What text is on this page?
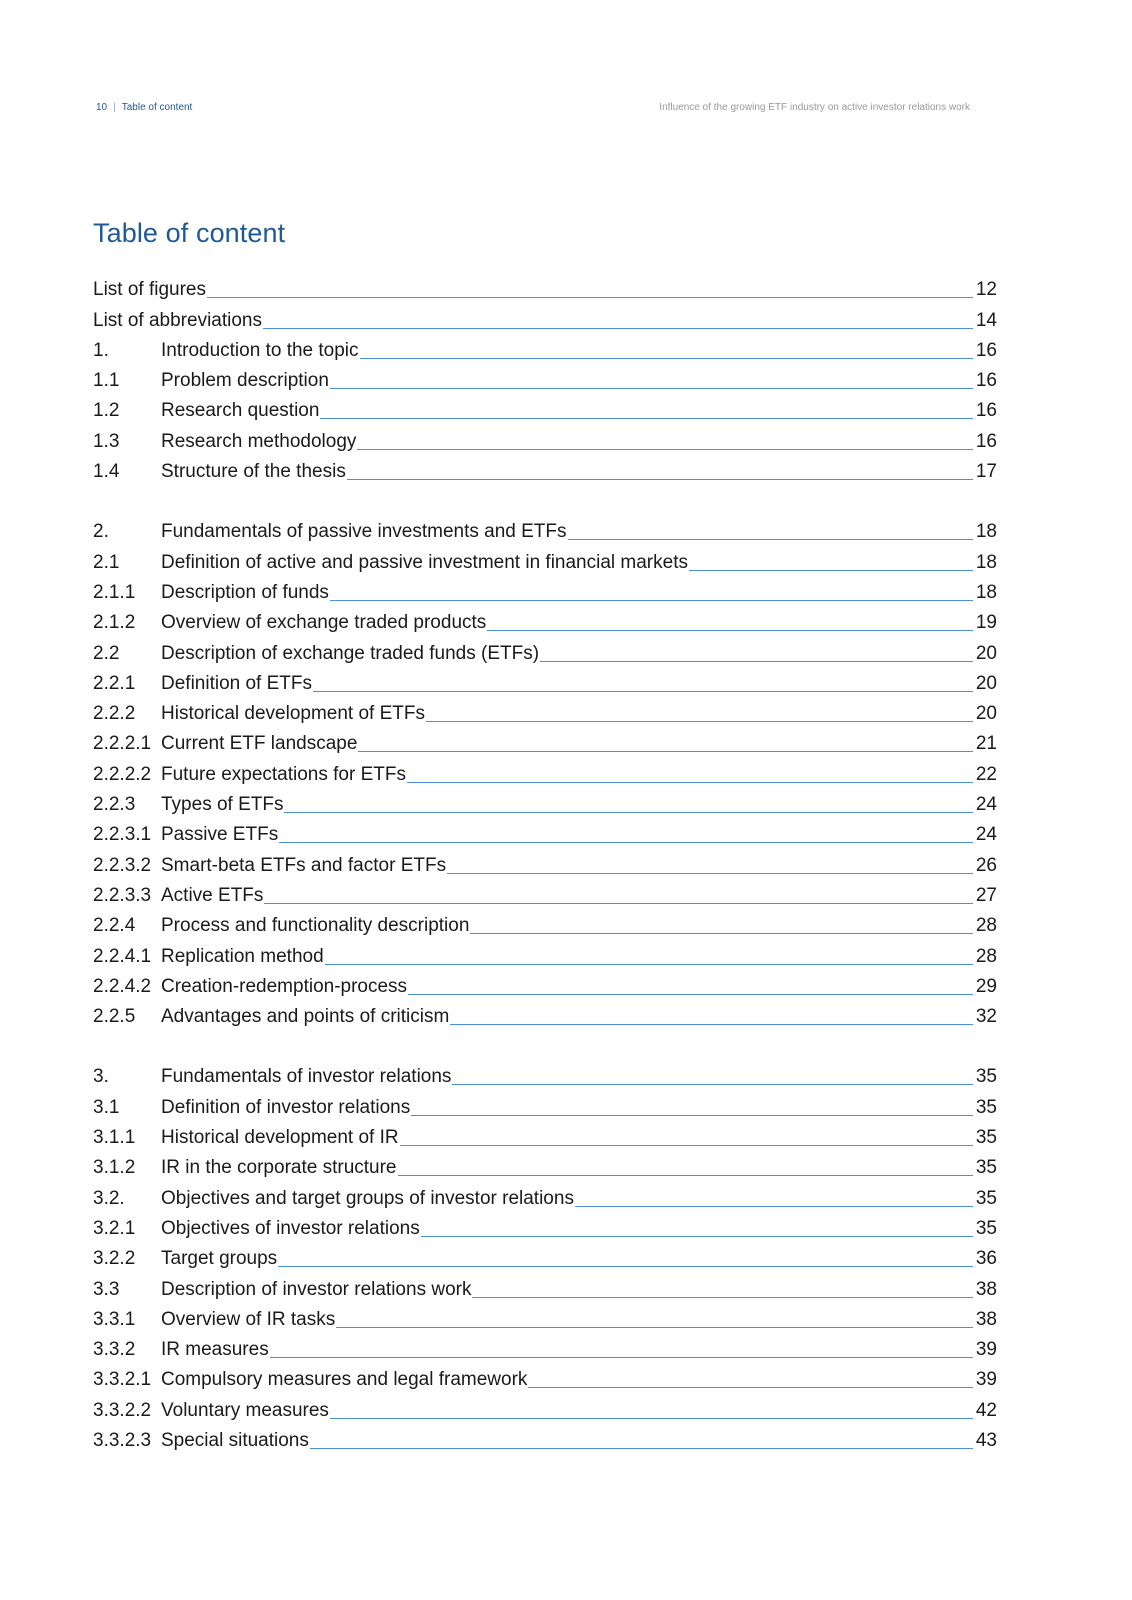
10 | Table of content	Influence of the growing ETF industry on active investor relations work
Table of content
List of figures	12
List of abbreviations	14
1.	Introduction to the topic	16
1.1	Problem description	16
1.2	Research question	16
1.3	Research methodology	16
1.4	Structure of the thesis	17
2.	Fundamentals of passive investments and ETFs	18
2.1	Definition of active and passive investment in financial markets	18
2.1.1	Description of funds	18
2.1.2	Overview of exchange traded products	19
2.2	Description of exchange traded funds (ETFs)	20
2.2.1	Definition of ETFs	20
2.2.2	Historical development of ETFs	20
2.2.2.1 Current ETF landscape	21
2.2.2.2 Future expectations for ETFs	22
2.2.3	Types of ETFs	24
2.2.3.1 Passive ETFs	24
2.2.3.2 Smart-beta ETFs and factor ETFs	26
2.2.3.3 Active ETFs	27
2.2.4	Process and functionality description	28
2.2.4.1 Replication method	28
2.2.4.2 Creation-redemption-process	29
2.2.5	Advantages and points of criticism	32
3.	Fundamentals of investor relations	35
3.1	Definition of investor relations	35
3.1.1	Historical development of IR	35
3.1.2	IR in the corporate structure	35
3.2.	Objectives and target groups of investor relations	35
3.2.1	Objectives of investor relations	35
3.2.2	Target groups	36
3.3	Description of investor relations work	38
3.3.1	Overview of IR tasks	38
3.3.2	IR measures	39
3.3.2.1 Compulsory measures and legal framework	39
3.3.2.2 Voluntary measures	42
3.3.2.3 Special situations	43
